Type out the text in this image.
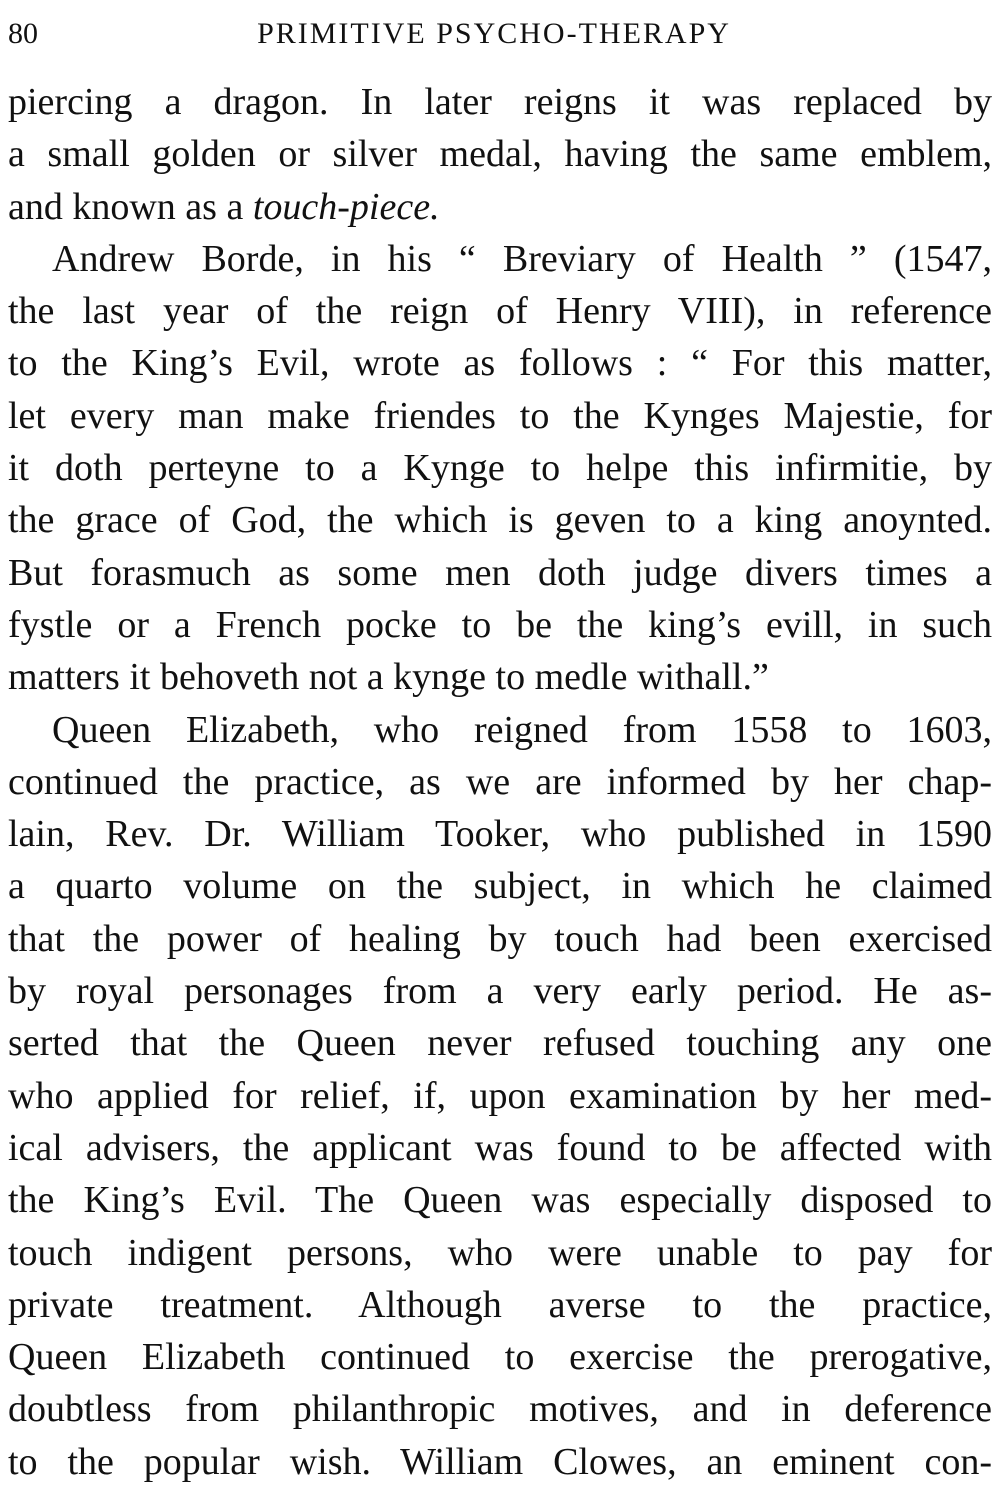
80	PRIMITIVE PSYCHO-THERAPY
piercing a dragon. In later reigns it was replaced by
a small golden or silver medal, having the same emblem,
and known as a touch-piece.
Andrew Borde, in his “ Breviary of Health ” (1547,
the last year of the reign of Henry VIII), in reference
to the King’s Evil, wrote as follows : “ For this matter,
let every man make friendes to the Kynges Majestie, for
it doth perteyne to a Kynge to helpe this infirmitie, by
the grace of God, the which is geven to a king anoynted.
But forasmuch as some men doth judge divers times a
fystle or a French pocke to be the king’s evill, in such
matters it behoveth not a kynge to medle withall.”
Queen Elizabeth, who reigned from 1558 to 1603,
continued the practice, as we are informed by her chap-
lain, Rev. Dr. William Tooker, who published in 1590
a quarto volume on the subject, in which he claimed
that the power of healing by touch had been exercised
by royal personages from a very early period. He as-
serted that the Queen never refused touching any one
who applied for relief, if, upon examination by her med-
ical advisers, the applicant was found to be affected with
the King’s Evil. The Queen was especially disposed to
touch indigent persons, who were unable to pay for
private treatment. Although averse to the practice,
Queen Elizabeth continued to exercise the prerogative,
doubtless from philanthropic motives, and in deference
to the popular wish. William Clowes, an eminent con-
